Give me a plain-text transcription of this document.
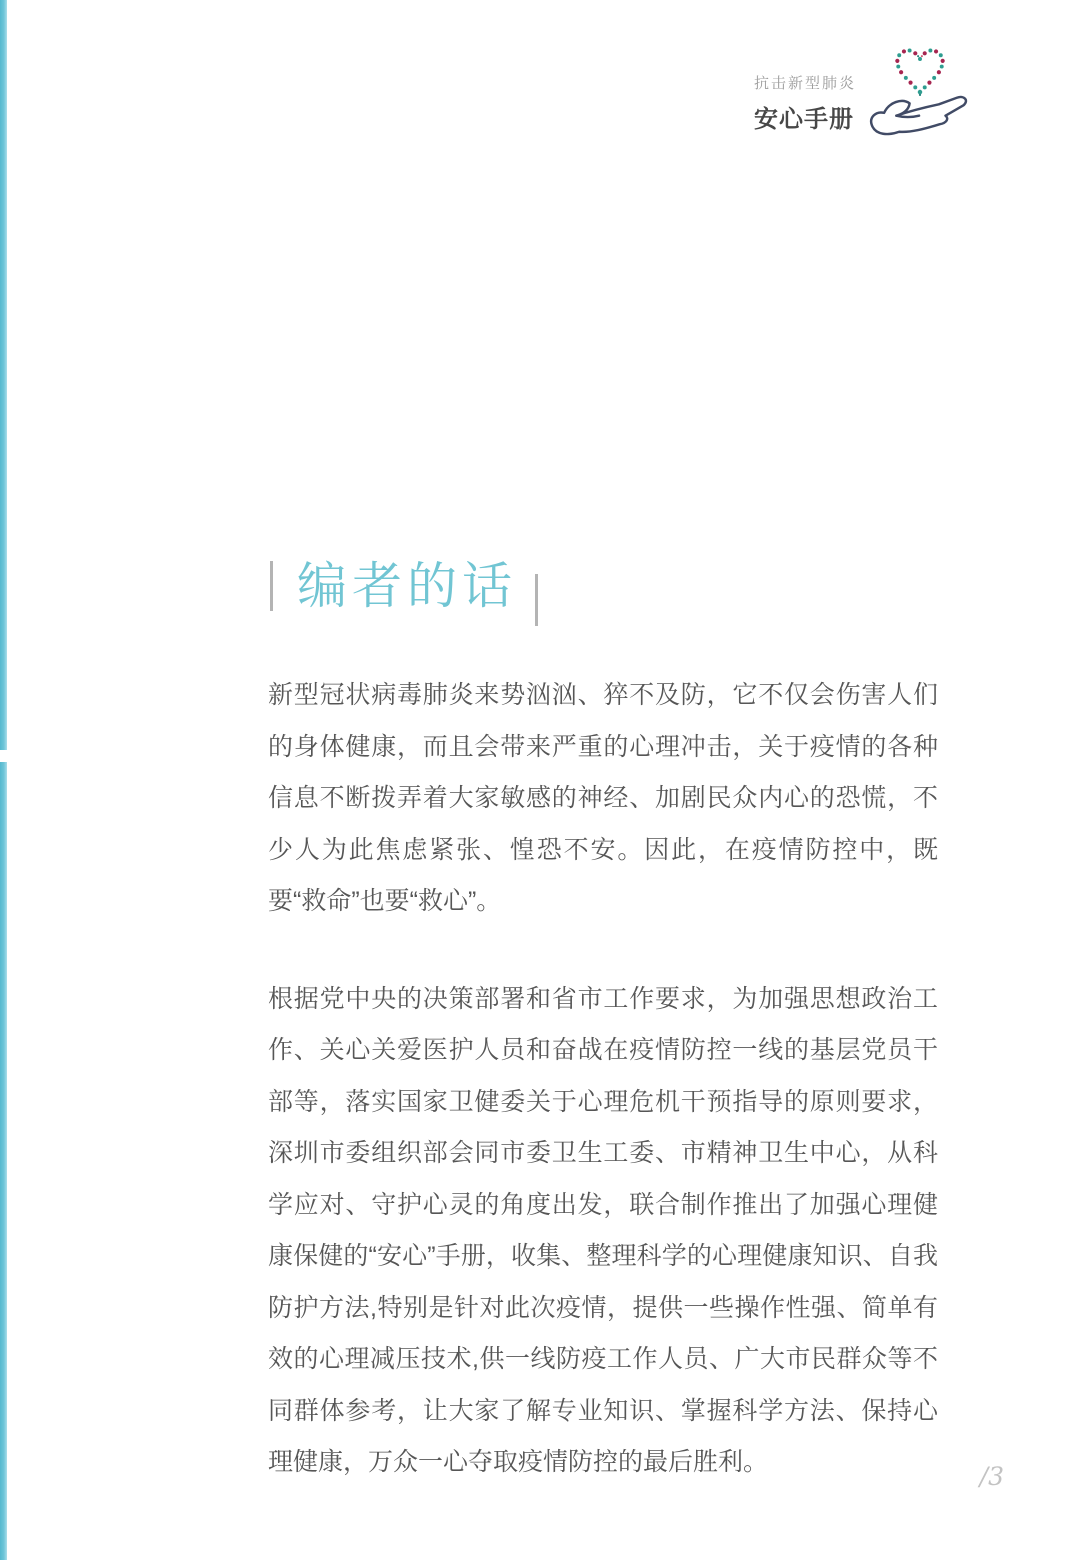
抗击新型肺炎
安心手册
编者的话

新型冠状病毒肺炎来势汹汹、猝不及防，它不仅会伤害人们的身体健康，而且会带来严重的心理冲击，关于疫情的各种信息不断拨弄着大家敏感的神经、加剧民众内心的恐慌，不少人为此焦虑紧张、惶恐不安。因此，在疫情防控中，既要“救命”也要“救心”。

根据党中央的决策部署和省市工作要求，为加强思想政治工作、关心关爱医护人员和奋战在疫情防控一线的基层党员干部等，落实国家卫健委关于心理危机干预指导的原则要求，深圳市委组织部会同市委卫生工委、市精神卫生中心，从科学应对、守护心灵的角度出发，联合制作推出了加强心理健康保健的“安心”手册，收集、整理科学的心理健康知识、自我防护方法,特别是针对此次疫情，提供一些操作性强、简单有效的心理减压技术,供一线防疫工作人员、广大市民群众等不同群体参考，让大家了解专业知识、掌握科学方法、保持心理健康，万众一心夺取疫情防控的最后胜利。	/3
